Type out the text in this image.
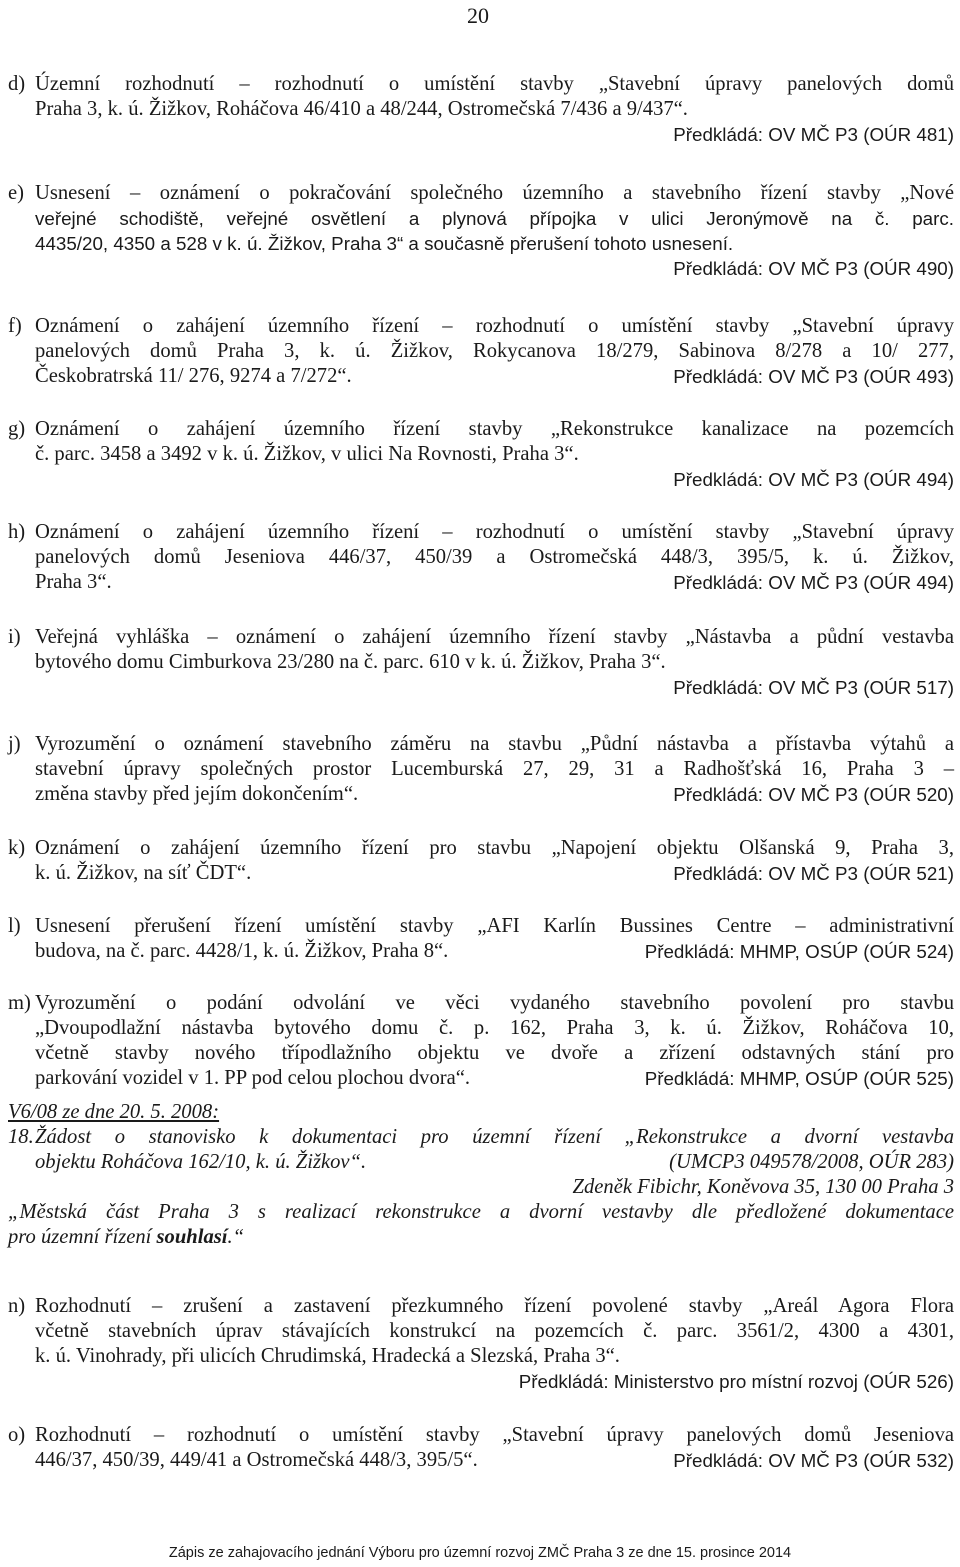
20
d) Územní rozhodnutí – rozhodnutí o umístění stavby „Stavební úpravy panelových domů
Praha 3, k. ú. Žižkov, Roháčova 46/410 a 48/244, Ostromečská 7/436 a 9/437“.
Předkládá: OV MČ P3 (OÚR 481)
e) Usnesení – oznámení o pokračování společného územního a stavebního řízení stavby „Nové
veřejné schodiště, veřejné osvětlení a plynová přípojka v ulici Jeronýmově na č. parc.
4435/20, 4350 a 528 v k. ú. Žižkov, Praha 3“ a současně přerušení tohoto usnesení.
Předkládá: OV MČ P3 (OÚR 490)
f) Oznámení o zahájení územního řízení – rozhodnutí o umístění stavby „Stavební úpravy
panelových domů Praha 3, k. ú. Žižkov, Rokycanova 18/279, Sabinova 8/278 a 10/ 277,
Českobratrská 11/ 276, 9274 a 7/272“.	Předkládá: OV MČ P3 (OÚR 493)
g) Oznámení o zahájení územního řízení stavby „Rekonstrukce kanalizace na pozemcích
č. parc. 3458 a 3492 v k. ú. Žižkov, v ulici Na Rovnosti, Praha 3“.
Předkládá: OV MČ P3 (OÚR 494)
h) Oznámení o zahájení územního řízení – rozhodnutí o umístění stavby „Stavební úpravy
panelových domů Jeseniova 446/37, 450/39 a Ostromečská 448/3, 395/5, k. ú. Žižkov,
Praha 3“.	Předkládá: OV MČ P3 (OÚR 494)
i) Veřejná vyhláška – oznámení o zahájení územního řízení stavby „Nástavba a půdní vestavba
bytového domu Cimburkova 23/280 na č. parc. 610 v k. ú. Žižkov, Praha 3“.
Předkládá: OV MČ P3 (OÚR 517)
j) Vyrozumění o oznámení stavebního záměru na stavbu „Půdní nástavba a přístavba výtahů a
stavební úpravy společných prostor Lucemburská 27, 29, 31 a Radhošťská 16, Praha 3 –
změna stavby před jejím dokončením“.	Předkládá: OV MČ P3 (OÚR 520)
k) Oznámení o zahájení územního řízení pro stavbu „Napojení objektu Olšanská 9, Praha 3,
k. ú. Žižkov, na síť ČDT“.	Předkládá: OV MČ P3 (OÚR 521)
l) Usnesení přerušení řízení umístění stavby „AFI Karlín Bussines Centre – administrativní
budova, na č. parc. 4428/1, k. ú. Žižkov, Praha 8“.	Předkládá: MHMP, OSÚP (OÚR 524)
m) Vyrozumění o podání odvolání ve věci vydaného stavebního povolení pro stavbu
„Dvoupodlažní nástavba bytového domu č. p. 162, Praha 3, k. ú. Žižkov, Roháčova 10,
včetně stavby nového třípodlažního objektu ve dvoře a zřízení odstavných stání pro
parkování vozidel v 1. PP pod celou plochou dvora“.	Předkládá: MHMP, OSÚP (OÚR 525)
V6/08 ze dne 20. 5. 2008:
18. Žádost o stanovisko k dokumentaci pro územní řízení „Rekonstrukce a dvorní vestavba
objektu Roháčova 162/10, k. ú. Žižkov“.	(UMCP3 049578/2008, OÚR 283)
Zdeněk Fibichr, Koněvova 35, 130 00 Praha 3
„Městská část Praha 3 s realizací rekonstrukce a dvorní vestavby dle předložené dokumentace
pro územní řízení souhlasí.“
n) Rozhodnutí – zrušení a zastavení přezkumného řízení povolené stavby „Areál Agora Flora
včetně stavebních úprav stávajících konstrukcí na pozemcích č. parc. 3561/2, 4300 a 4301,
k. ú. Vinohrady, při ulicích Chrudimská, Hradecká a Slezská, Praha 3“.
Předkládá: Ministerstvo pro místní rozvoj (OÚR 526)
o) Rozhodnutí – rozhodnutí o umístění stavby „Stavební úpravy panelových domů Jeseniova
446/37, 450/39, 449/41 a Ostromečská 448/3, 395/5“.	Předkládá: OV MČ P3 (OÚR 532)
Zápis ze zahajovacího jednání Výboru pro územní rozvoj ZMČ Praha 3 ze dne 15. prosince 2014
